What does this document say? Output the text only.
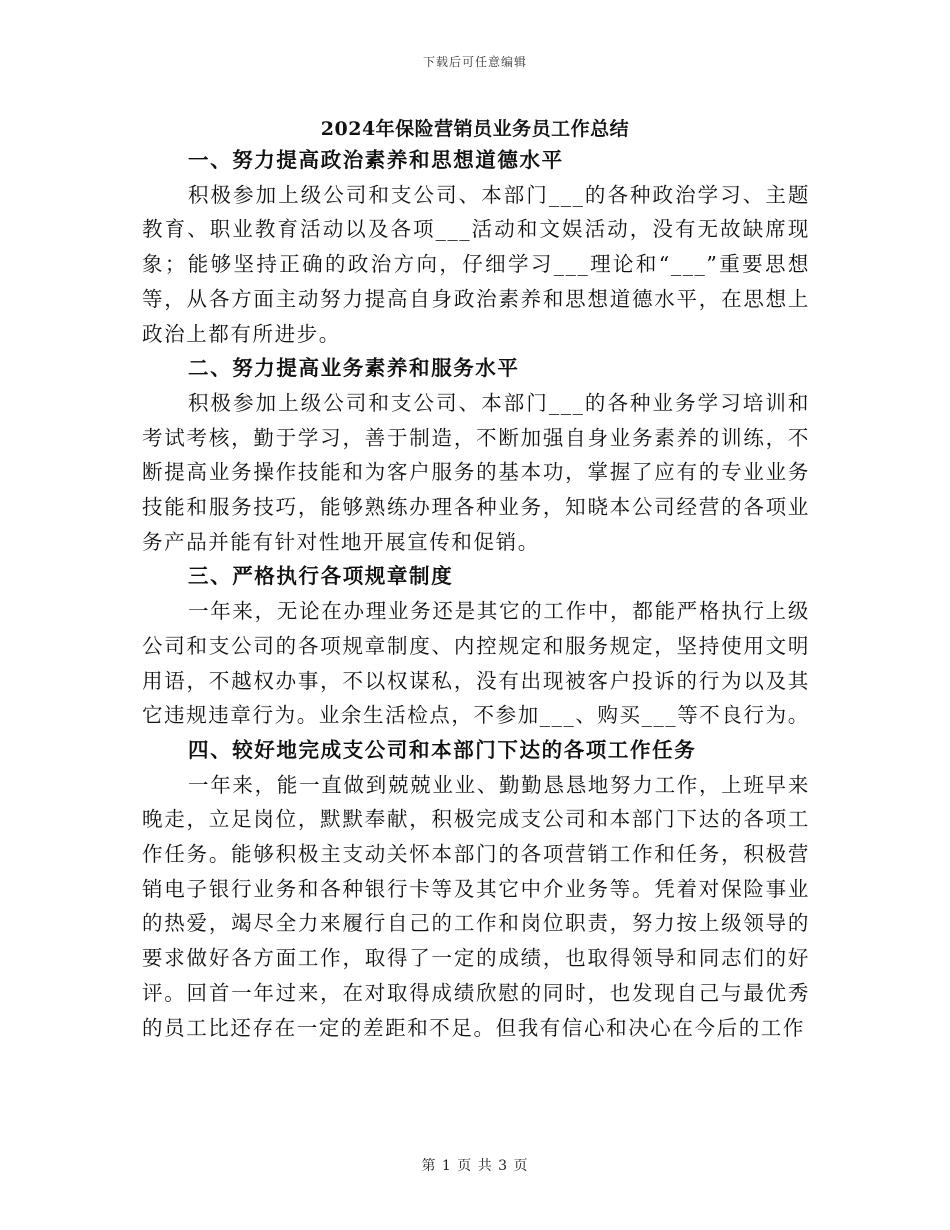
下载后可任意编辑
2024年保险营销员业务员工作总结

一、努力提高政治素养和思想道德水平

积极参加上级公司和支公司、本部门___的各种政治学习、主题教育、职业教育活动以及各项___活动和文娱活动，没有无故缺席现象；能够坚持正确的政治方向，仔细学习___理论和“___”重要思想等，从各方面主动努力提高自身政治素养和思想道德水平，在思想上政治上都有所进步。

二、努力提高业务素养和服务水平

积极参加上级公司和支公司、本部门___的各种业务学习培训和考试考核，勤于学习，善于制造，不断加强自身业务素养的训练，不断提高业务操作技能和为客户服务的基本功，掌握了应有的专业业务技能和服务技巧，能够熟练办理各种业务，知晓本公司经营的各项业务产品并能有针对性地开展宣传和促销。

三、严格执行各项规章制度

一年来，无论在办理业务还是其它的工作中，都能严格执行上级公司和支公司的各项规章制度、内控规定和服务规定，坚持使用文明用语，不越权办事，不以权谋私，没有出现被客户投诉的行为以及其它违规违章行为。业余生活检点，不参加___、购买___等不良行为。

四、较好地完成支公司和本部门下达的各项工作任务

一年来，能一直做到兢兢业业、勤勤恳恳地努力工作，上班早来晚走，立足岗位，默默奉献，积极完成支公司和本部门下达的各项工作任务。能够积极主支动关怀本部门的各项营销工作和任务，积极营销电子银行业务和各种银行卡等及其它中介业务等。凭着对保险事业的热爱，竭尽全力来履行自己的工作和岗位职责，努力按上级领导的要求做好各方面工作，取得了一定的成绩，也取得领导和同志们的好评。回首一年过来，在对取得成绩欣慰的同时，也发现自己与最优秀的员工比还存在一定的差距和不足。但我有信心和决心在今后的工作

第 1 页 共 3 页
